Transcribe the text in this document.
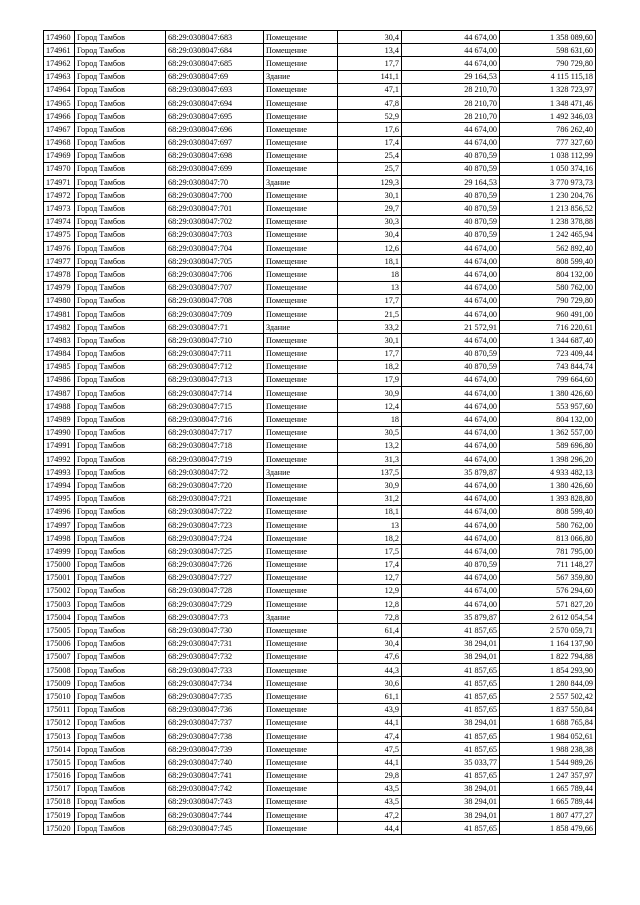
174960	Город Тамбов	68:29:0308047:683	Помещение	30,4	44 674,00	1 358 089,60
174961	Город Тамбов	68:29:0308047:684	Помещение	13,4	44 674,00	598 631,60
174962	Город Тамбов	68:29:0308047:685	Помещение	17,7	44 674,00	790 729,80
174963	Город Тамбов	68:29:0308047:69	Здание	141,1	29 164,53	4 115 115,18
174964	Город Тамбов	68:29:0308047:693	Помещение	47,1	28 210,70	1 328 723,97
174965	Город Тамбов	68:29:0308047:694	Помещение	47,8	28 210,70	1 348 471,46
174966	Город Тамбов	68:29:0308047:695	Помещение	52,9	28 210,70	1 492 346,03
174967	Город Тамбов	68:29:0308047:696	Помещение	17,6	44 674,00	786 262,40
174968	Город Тамбов	68:29:0308047:697	Помещение	17,4	44 674,00	777 327,60
174969	Город Тамбов	68:29:0308047:698	Помещение	25,4	40 870,59	1 038 112,99
174970	Город Тамбов	68:29:0308047:699	Помещение	25,7	40 870,59	1 050 374,16
174971	Город Тамбов	68:29:0308047:70	Здание	129,3	29 164,53	3 770 973,73
174972	Город Тамбов	68:29:0308047:700	Помещение	30,1	40 870,59	1 230 204,76
174973	Город Тамбов	68:29:0308047:701	Помещение	29,7	40 870,59	1 213 856,52
174974	Город Тамбов	68:29:0308047:702	Помещение	30,3	40 870,59	1 238 378,88
174975	Город Тамбов	68:29:0308047:703	Помещение	30,4	40 870,59	1 242 465,94
174976	Город Тамбов	68:29:0308047:704	Помещение	12,6	44 674,00	562 892,40
174977	Город Тамбов	68:29:0308047:705	Помещение	18,1	44 674,00	808 599,40
174978	Город Тамбов	68:29:0308047:706	Помещение	18	44 674,00	804 132,00
174979	Город Тамбов	68:29:0308047:707	Помещение	13	44 674,00	580 762,00
174980	Город Тамбов	68:29:0308047:708	Помещение	17,7	44 674,00	790 729,80
174981	Город Тамбов	68:29:0308047:709	Помещение	21,5	44 674,00	960 491,00
174982	Город Тамбов	68:29:0308047:71	Здание	33,2	21 572,91	716 220,61
174983	Город Тамбов	68:29:0308047:710	Помещение	30,1	44 674,00	1 344 687,40
174984	Город Тамбов	68:29:0308047:711	Помещение	17,7	40 870,59	723 409,44
174985	Город Тамбов	68:29:0308047:712	Помещение	18,2	40 870,59	743 844,74
174986	Город Тамбов	68:29:0308047:713	Помещение	17,9	44 674,00	799 664,60
174987	Город Тамбов	68:29:0308047:714	Помещение	30,9	44 674,00	1 380 426,60
174988	Город Тамбов	68:29:0308047:715	Помещение	12,4	44 674,00	553 957,60
174989	Город Тамбов	68:29:0308047:716	Помещение	18	44 674,00	804 132,00
174990	Город Тамбов	68:29:0308047:717	Помещение	30,5	44 674,00	1 362 557,00
174991	Город Тамбов	68:29:0308047:718	Помещение	13,2	44 674,00	589 696,80
174992	Город Тамбов	68:29:0308047:719	Помещение	31,3	44 674,00	1 398 296,20
174993	Город Тамбов	68:29:0308047:72	Здание	137,5	35 879,87	4 933 482,13
174994	Город Тамбов	68:29:0308047:720	Помещение	30,9	44 674,00	1 380 426,60
174995	Город Тамбов	68:29:0308047:721	Помещение	31,2	44 674,00	1 393 828,80
174996	Город Тамбов	68:29:0308047:722	Помещение	18,1	44 674,00	808 599,40
174997	Город Тамбов	68:29:0308047:723	Помещение	13	44 674,00	580 762,00
174998	Город Тамбов	68:29:0308047:724	Помещение	18,2	44 674,00	813 066,80
174999	Город Тамбов	68:29:0308047:725	Помещение	17,5	44 674,00	781 795,00
175000	Город Тамбов	68:29:0308047:726	Помещение	17,4	40 870,59	711 148,27
175001	Город Тамбов	68:29:0308047:727	Помещение	12,7	44 674,00	567 359,80
175002	Город Тамбов	68:29:0308047:728	Помещение	12,9	44 674,00	576 294,60
175003	Город Тамбов	68:29:0308047:729	Помещение	12,8	44 674,00	571 827,20
175004	Город Тамбов	68:29:0308047:73	Здание	72,8	35 879,87	2 612 054,54
175005	Город Тамбов	68:29:0308047:730	Помещение	61,4	41 857,65	2 570 059,71
175006	Город Тамбов	68:29:0308047:731	Помещение	30,4	38 294,01	1 164 137,90
175007	Город Тамбов	68:29:0308047:732	Помещение	47,6	38 294,01	1 822 794,88
175008	Город Тамбов	68:29:0308047:733	Помещение	44,3	41 857,65	1 854 293,90
175009	Город Тамбов	68:29:0308047:734	Помещение	30,6	41 857,65	1 280 844,09
175010	Город Тамбов	68:29:0308047:735	Помещение	61,1	41 857,65	2 557 502,42
175011	Город Тамбов	68:29:0308047:736	Помещение	43,9	41 857,65	1 837 550,84
175012	Город Тамбов	68:29:0308047:737	Помещение	44,1	38 294,01	1 688 765,84
175013	Город Тамбов	68:29:0308047:738	Помещение	47,4	41 857,65	1 984 052,61
175014	Город Тамбов	68:29:0308047:739	Помещение	47,5	41 857,65	1 988 238,38
175015	Город Тамбов	68:29:0308047:740	Помещение	44,1	35 033,77	1 544 989,26
175016	Город Тамбов	68:29:0308047:741	Помещение	29,8	41 857,65	1 247 357,97
175017	Город Тамбов	68:29:0308047:742	Помещение	43,5	38 294,01	1 665 789,44
175018	Город Тамбов	68:29:0308047:743	Помещение	43,5	38 294,01	1 665 789,44
175019	Город Тамбов	68:29:0308047:744	Помещение	47,2	38 294,01	1 807 477,27
175020	Город Тамбов	68:29:0308047:745	Помещение	44,4	41 857,65	1 858 479,66
